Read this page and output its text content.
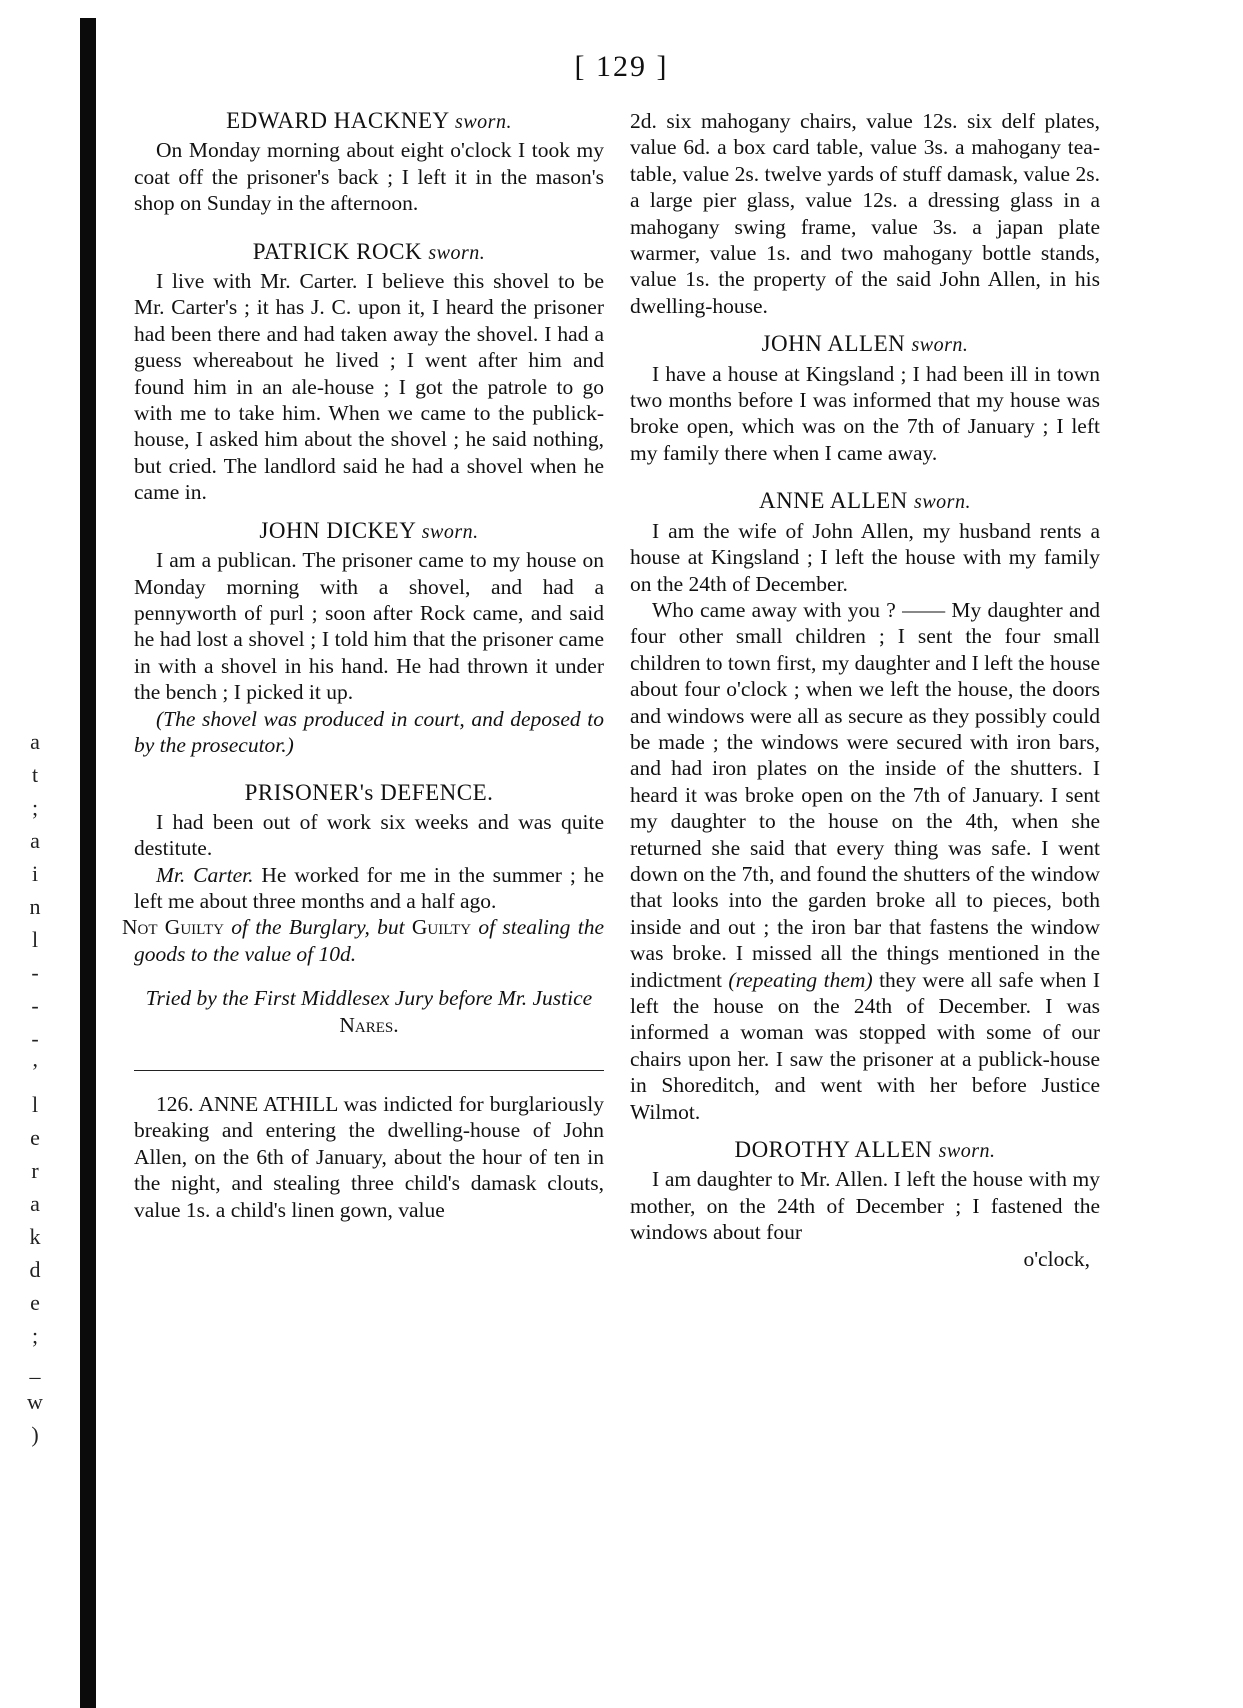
a
t
;
a
i
n
l
-
-
-
ʼ
l
e
r
a
k
d
e
;
_
w
)
[ 129 ]
EDWARD HACKNEY sworn.

On Monday morning about eight o'clock I took my coat off the prisoner's back ; I left it in the mason's shop on Sunday in the afternoon.

PATRICK ROCK sworn.

I live with Mr. Carter. I believe this shovel to be Mr. Carter's ; it has J. C. upon it, I heard the prisoner had been there and had taken away the shovel. I had a guess whereabout he lived ; I went after him and found him in an ale-house ; I got the patrole to go with me to take him. When we came to the publick-house, I asked him about the shovel ; he said nothing, but cried. The landlord said he had a shovel when he came in.

JOHN DICKEY sworn.

I am a publican. The prisoner came to my house on Monday morning with a shovel, and had a pennyworth of purl ; soon after Rock came, and said he had lost a shovel ; I told him that the prisoner came in with a shovel in his hand. He had thrown it under the bench ; I picked it up.

(The shovel was produced in court, and deposed to by the prosecutor.)

PRISONER's DEFENCE.

I had been out of work six weeks and was quite destitute.

Mr. Carter. He worked for me in the summer ; he left me about three months and a half ago.

Not Guilty of the Burglary, but Guilty of stealing the goods to the value of 10d.

Tried by the First Middlesex Jury before Mr. Justice Nares.

126. ANNE ATHILL was indicted for burglariously breaking and entering the dwelling-house of John Allen, on the 6th of January, about the hour of ten in the night, and stealing three child's damask clouts, value 1s. a child's linen gown, value

2d. six mahogany chairs, value 12s. six delf plates, value 6d. a box card table, value 3s. a mahogany tea-table, value 2s. twelve yards of stuff damask, value 2s. a large pier glass, value 12s. a dressing glass in a mahogany swing frame, value 3s. a japan plate warmer, value 1s. and two mahogany bottle stands, value 1s. the property of the said John Allen, in his dwelling-house.

JOHN ALLEN sworn.

I have a house at Kingsland ; I had been ill in town two months before I was informed that my house was broke open, which was on the 7th of January ; I left my family there when I came away.

ANNE ALLEN sworn.

I am the wife of John Allen, my husband rents a house at Kingsland ; I left the house with my family on the 24th of December.

Who came away with you ? —— My daughter and four other small children ; I sent the four small children to town first, my daughter and I left the house about four o'clock ; when we left the house, the doors and windows were all as secure as they possibly could be made ; the windows were secured with iron bars, and had iron plates on the inside of the shutters. I heard it was broke open on the 7th of January. I sent my daughter to the house on the 4th, when she returned she said that every thing was safe. I went down on the 7th, and found the shutters of the window that looks into the garden broke all to pieces, both inside and out ; the iron bar that fastens the window was broke. I missed all the things mentioned in the indictment (repeating them) they were all safe when I left the house on the 24th of December. I was informed a woman was stopped with some of our chairs upon her. I saw the prisoner at a publick-house in Shoreditch, and went with her before Justice Wilmot.

DOROTHY ALLEN sworn.

I am daughter to Mr. Allen. I left the house with my mother, on the 24th of December ; I fastened the windows about four

o'clock,
